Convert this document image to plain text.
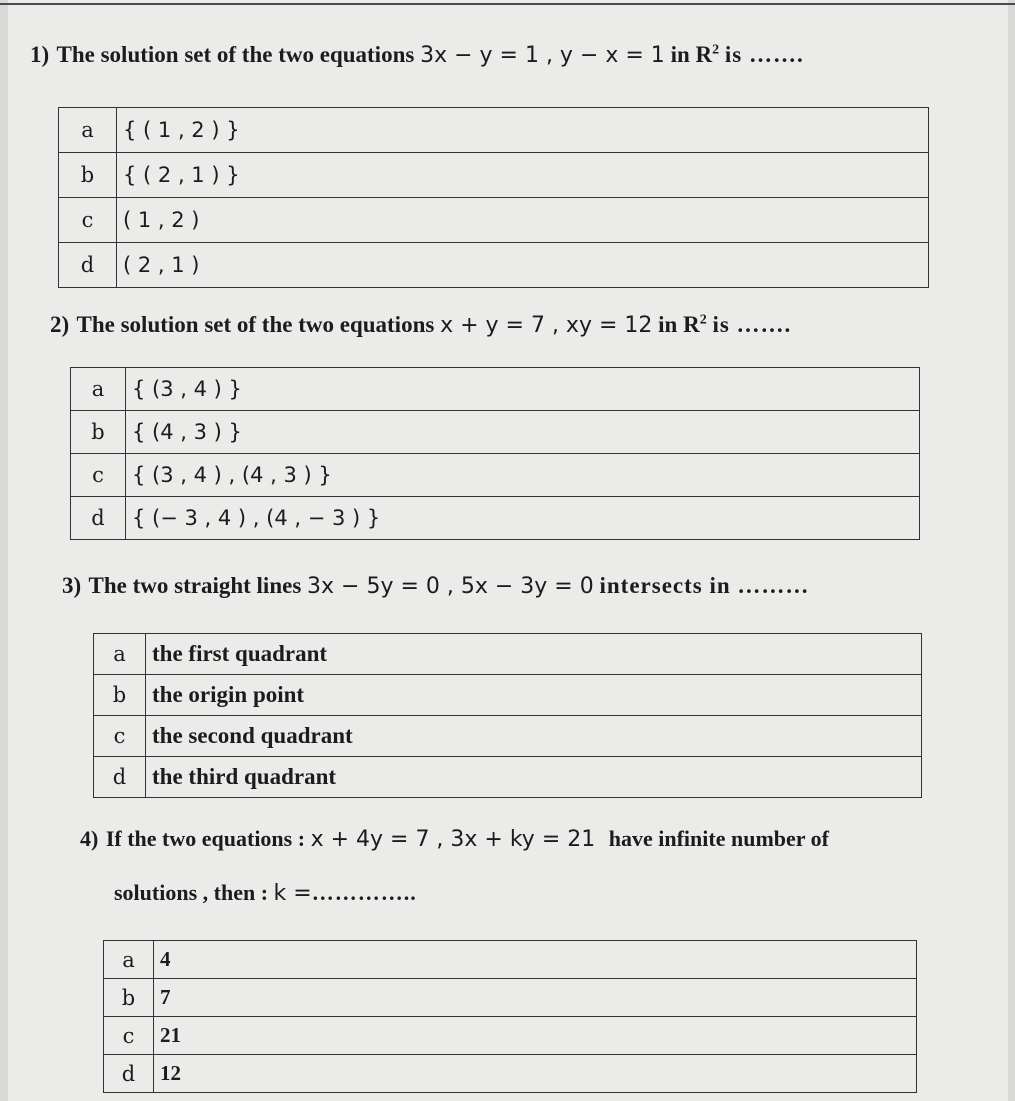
1) The solution set of the two equations 3x − y = 1 , y − x = 1 in $R^2$ is …….
a	{ ( 1 , 2 ) }
b	{ ( 2 , 1 ) }
c	( 1 , 2 )
d	( 2 , 1 )
2) The solution set of the two equations x + y = 7 , xy = 12 in $R^2$ is …….
a	{ (3 , 4 ) }
b	{ (4 , 3 ) }
c	{ (3 , 4 ) , (4 , 3 ) }
d	{ (− 3 , 4 ) , (4 , − 3 ) }
3) The two straight lines 3x − 5y = 0 , 5x − 3y = 0 intersects in ………
a	the first quadrant
b	the origin point
c	the second quadrant
d	the third quadrant
4) If the two equations : x + 4y = 7 , 3x + ky = 21 have infinite number of
solutions , then : k =…………..
a	4
b	7
c	21
d	12
